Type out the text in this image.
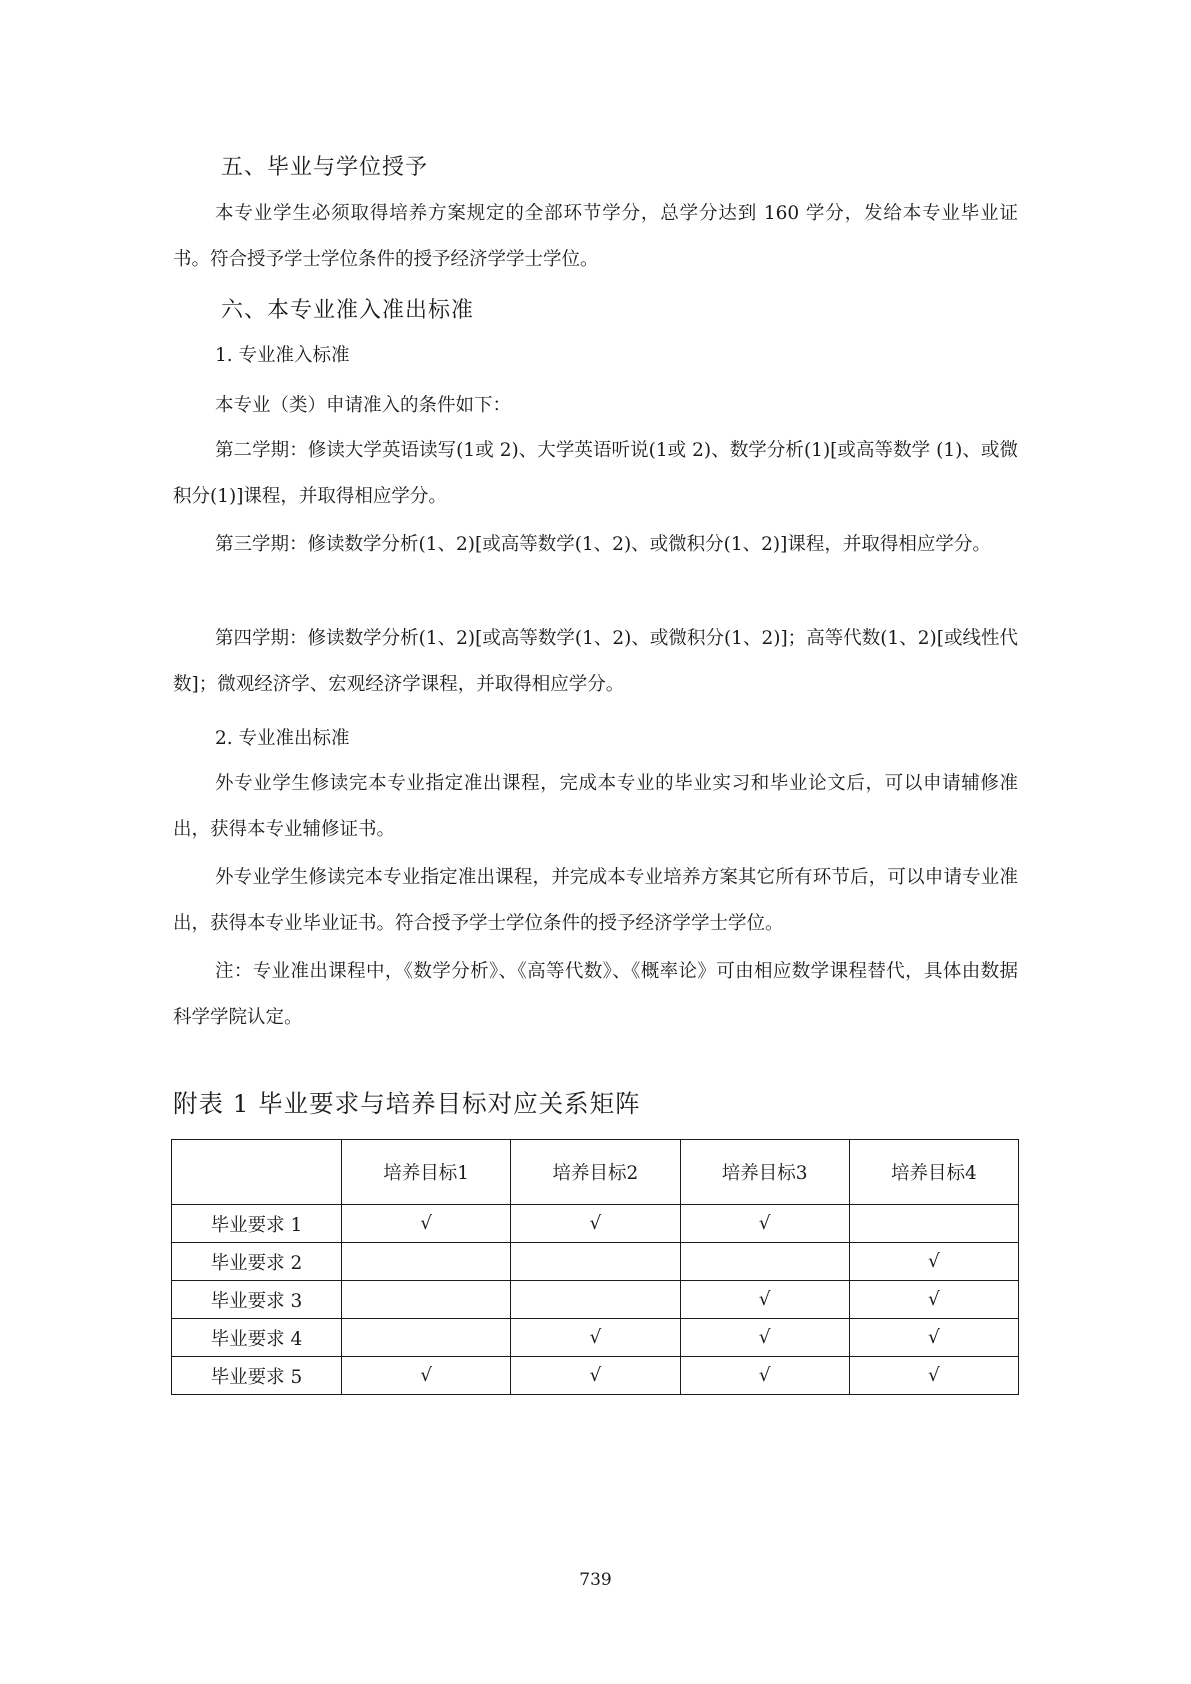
五、毕业与学位授予

本专业学生必须取得培养方案规定的全部环节学分，总学分达到 160 学分，发给本专业毕业证书。符合授予学士学位条件的授予经济学学士学位。

六、本专业准入准出标准

1. 专业准入标准

本专业（类）申请准入的条件如下：

第二学期：修读大学英语读写(1或 2)、大学英语听说(1或 2)、数学分析(1)[或高等数学 (1)、或微积分(1)]课程，并取得相应学分。

第三学期：修读数学分析(1、2)[或高等数学(1、2)、或微积分(1、2)]课程，并取得相应学分。

第四学期：修读数学分析(1、2)[或高等数学(1、2)、或微积分(1、2)]；高等代数(1、2)[或线性代数]；微观经济学、宏观经济学课程，并取得相应学分。

2. 专业准出标准

外专业学生修读完本专业指定准出课程，完成本专业的毕业实习和毕业论文后，可以申请辅修准出，获得本专业辅修证书。

外专业学生修读完本专业指定准出课程，并完成本专业培养方案其它所有环节后，可以申请专业准出，获得本专业毕业证书。符合授予学士学位条件的授予经济学学士学位。

注：专业准出课程中，《数学分析》、《高等代数》、《概率论》可由相应数学课程替代，具体由数据科学学院认定。

附表 1 毕业要求与培养目标对应关系矩阵
	培养目标1	培养目标2	培养目标3	培养目标4
毕业要求 1	√	√	√	
毕业要求 2				√
毕业要求 3			√	√
毕业要求 4		√	√	√
毕业要求 5	√	√	√	√
739
